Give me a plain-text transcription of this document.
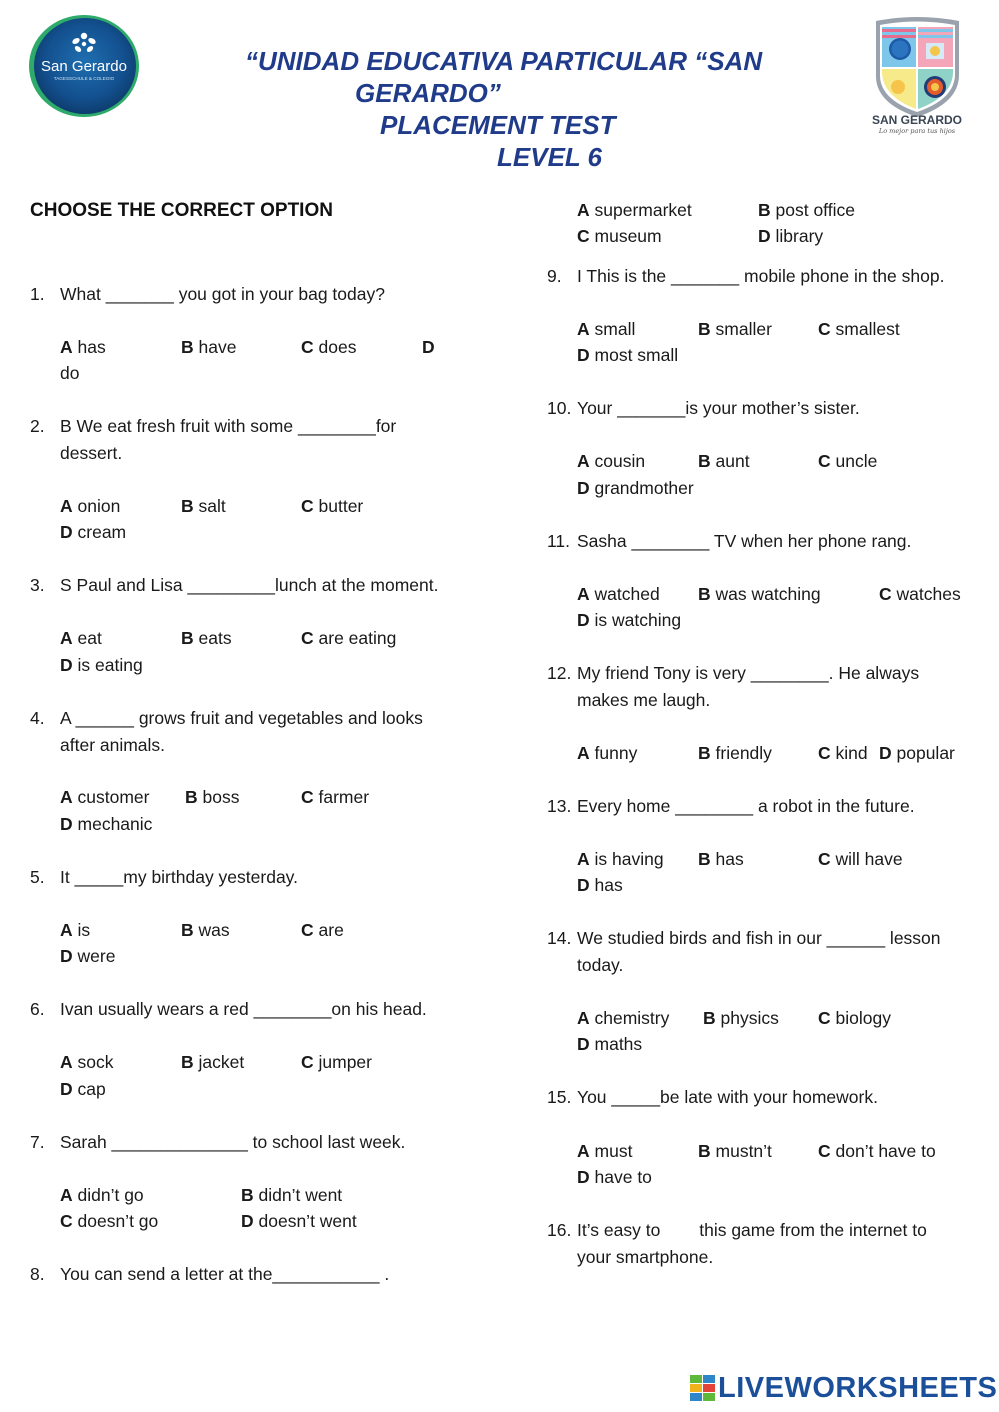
San Gerardo
TAGESSCHULE & COLEGIO
“UNIDAD EDUCATIVA PARTICULAR “SAN
GERARDO”
PLACEMENT TEST
LEVEL 6
SAN GERARDO
Lo mejor para tus hijos
CHOOSE THE CORRECT OPTION
1. What _______ you got in your bag today?
A has	B have	C does	D
do
2. B We eat fresh fruit with some ________for
dessert.
A onion	B salt	C butter
D cream
3. S Paul and Lisa _________lunch at the moment.
A eat	B eats	C are eating
D is eating
4. A ______ grows fruit and vegetables and looks
after animals.
A customer B boss	C farmer
D mechanic
5. It _____my birthday yesterday.
A is	B was	C are
D were
6. Ivan usually wears a red ________on his head.
A sock	B jacket	C jumper
D cap
7. Sarah ______________ to school last week.
A didn’t go	B didn’t went
C doesn’t go	D doesn’t went
8. You can send a letter at the___________ .
A supermarket	B post office
C museum	D library
9. I This is the _______ mobile phone in the shop.
A small	B smaller	C smallest
D most small
10. Your _______is your mother’s sister.
A cousin	B aunt	C uncle
D grandmother
11. Sasha ________ TV when her phone rang.
A watched B was watching	C watches
D is watching
12. My friend Tony is very ________. He always
makes me laugh.
A funny	B friendly	C kind D popular
13. Every home ________ a robot in the future.
A is having B has	C will have
D has
14. We studied birds and fish in our ______ lesson
today.
A chemistry B physics C biology
D maths
15. You _____be late with your homework.
A must	B mustn’t	C don’t have to
D have to
16. It’s easy to        this game from the internet to
your smartphone.
LIVEWORKSHEETS
